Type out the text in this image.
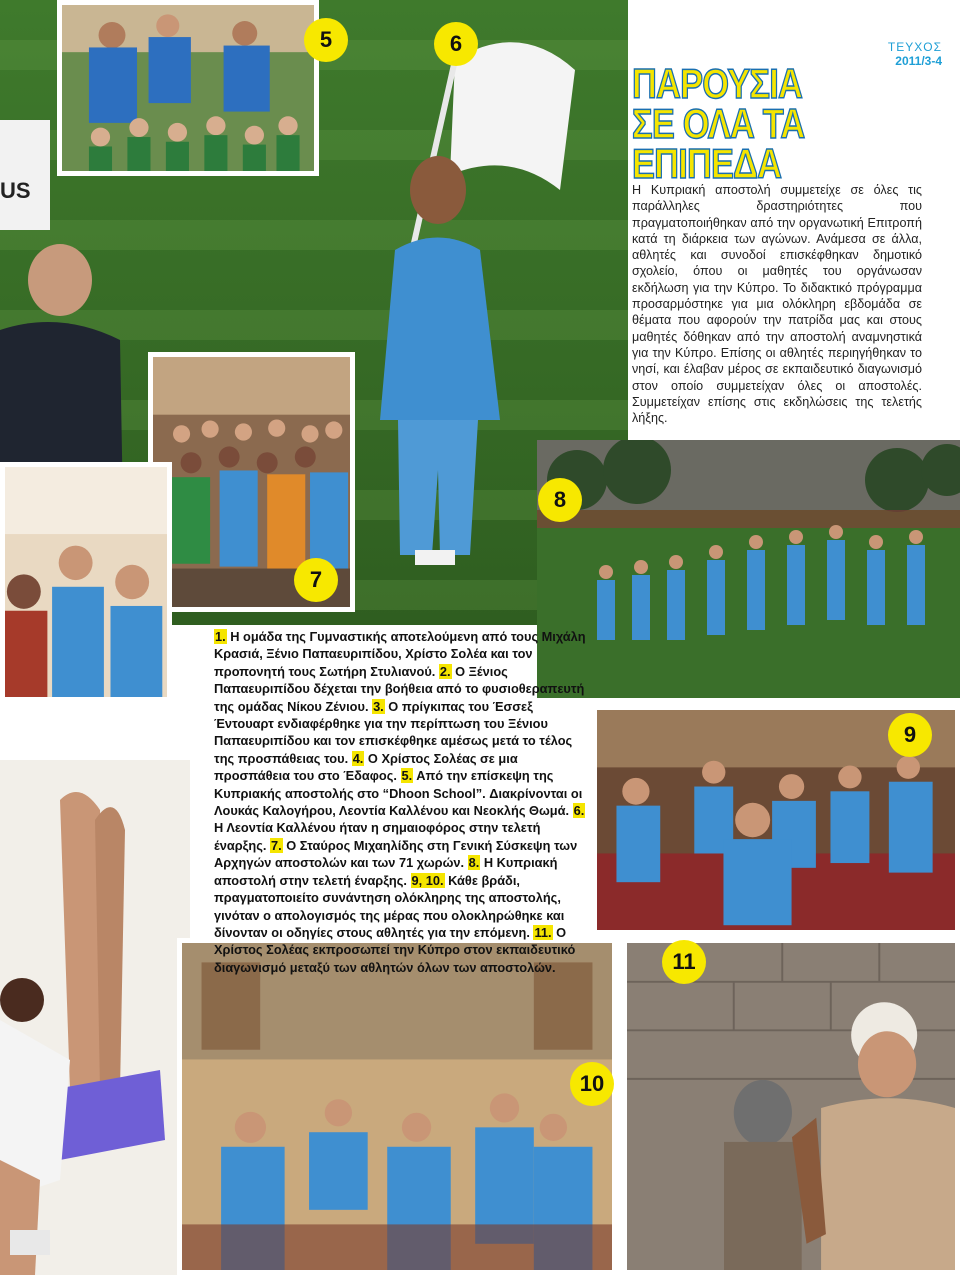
US
5	6
7
8
9
10
11
ΤΕΥΧΟΣ
2011/3-4
ΠΑΡΟΥΣΙΑ
ΣΕ ΟΛΑ ΤΑ
ΕΠΙΠΕΔΑ
Η Κυπριακή αποστολή συμμετείχε σε όλες τις παράλληλες δραστηριότητες που πραγματοποιήθηκαν από την οργανωτική Επιτροπή κατά τη διάρκεια των αγώνων. Ανάμεσα σε άλλα, αθλητές και συνοδοί επισκέφθηκαν δημοτικό σχολείο, όπου οι μαθητές του οργάνωσαν εκδήλωση για την Κύπρο. Το διδακτικό πρόγραμμα προσαρμόστηκε για μια ολόκληρη εβδομάδα σε θέματα που αφορούν την πατρίδα μας και στους μαθητές δόθηκαν από την αποστολή αναμνηστικά για την Κύπρο. Επίσης οι αθλητές περιηγήθηκαν το νησί, και έλαβαν μέρος σε εκπαιδευτικό διαγωνισμό στον οποίο συμμετείχαν όλες οι αποστολές. Συμμετείχαν επίσης στις εκδηλώσεις της τελετής λήξης.
1. Η ομάδα της Γυμναστικής αποτελούμενη από τους Μιχάλη Κρασιά, Ξένιο Παπαευριπίδου, Χρίστο Σολέα και τον προπονητή τους Σωτήρη Στυλιανού. 2. Ο Ξένιος Παπαευριπίδου δέχεται την βοήθεια από το φυσιοθεραπευτή της ομάδας Νίκου Ζένιου. 3. Ο πρίγκιπας του Έσσεξ Έντουαρτ ενδιαφέρθηκε για την περίπτωση του Ξένιου Παπαευριπίδου και τον επισκέφθηκε αμέσως μετά το τέλος της προσπάθειας του. 4. Ο Χρίστος Σολέας σε μια προσπάθεια του στο Έδαφος. 5. Από την επίσκεψη της Κυπριακής αποστολής στο “Dhoon School”. Διακρίνονται οι Λουκάς Καλογήρου, Λεοντία Καλλένου και Νεοκλής Θωμά. 6. Η Λεοντία Καλλένου ήταν η σημαιοφόρος στην τελετή έναρξης. 7. Ο Σταύρος Μιχαηλίδης στη Γενική Σύσκεψη των Αρχηγών αποστολών και των 71 χωρών. 8. Η Κυπριακή αποστολή στην τελετή έναρξης. 9, 10. Κάθε βράδι, πραγματοποιείτο συνάντηση ολόκληρης της αποστολής, γινόταν ο απολογισμός της μέρας που ολοκληρώθηκε και δίνονταν οι οδηγίες στους αθλητές για την επόμενη. 11. Ο Χρίστος Σολέας εκπροσωπεί την Κύπρο στον εκπαιδευτικό διαγωνισμό μεταξύ των αθλητών όλων των αποστολών.
